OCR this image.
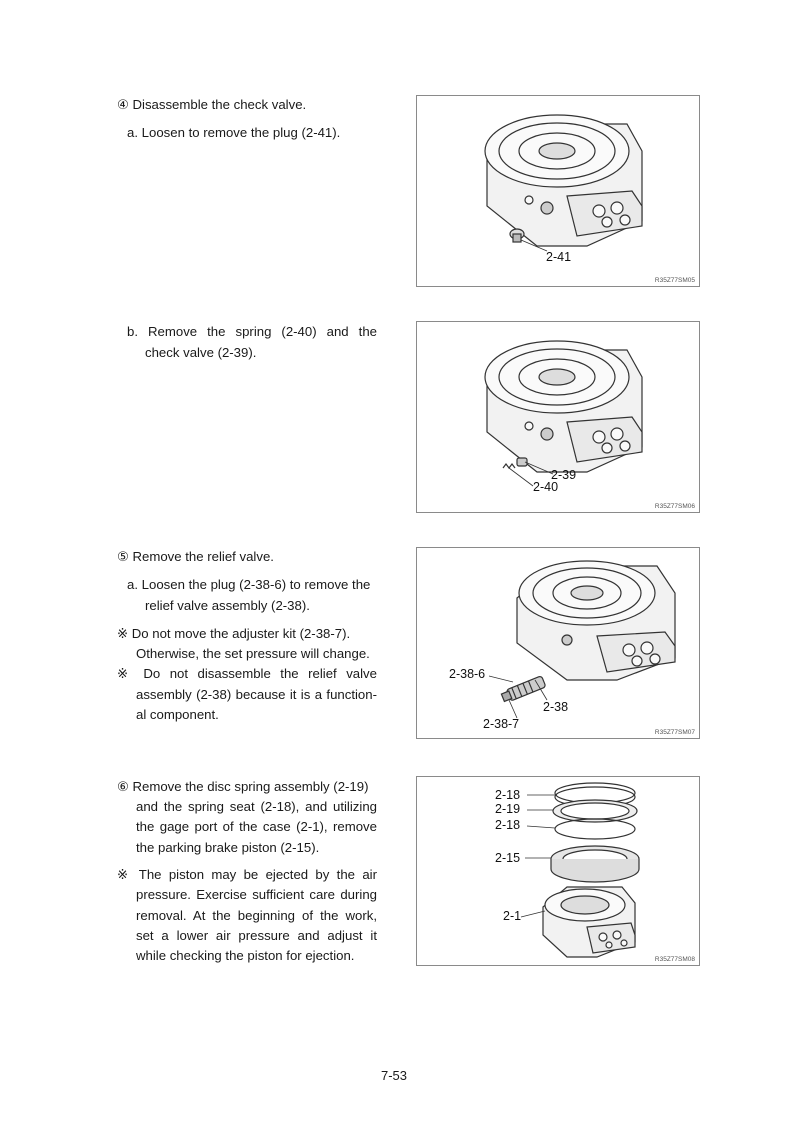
④ Disassemble the check valve.
a. Loosen to remove the plug (2-41).
2-41
R35Z77SM05
b. Remove the spring (2-40) and the
check valve (2-39).
2-39
2-40
R35Z77SM06
⑤ Remove the relief valve.
a. Loosen the plug (2-38-6) to remove the
relief valve assembly (2-38).
※ Do not move the adjuster kit (2-38-7).
Otherwise, the set pressure will change.
※ Do not disassemble the relief valve
assembly (2-38) because it is a function-
al component.
2-38-6
2-38
2-38-7
R35Z77SM07
⑥ Remove the disc spring assembly (2-19)
and the spring seat (2-18), and utilizing
the gage port of the case (2-1), remove
the parking brake piston (2-15).
※ The piston may be ejected by the air
pressure. Exercise sufficient care during
removal. At the beginning of the work,
set a lower air pressure and adjust it
while checking the piston for ejection.
2-18
2-19
2-18
2-15
2-1
R35Z77SM08
7-53
